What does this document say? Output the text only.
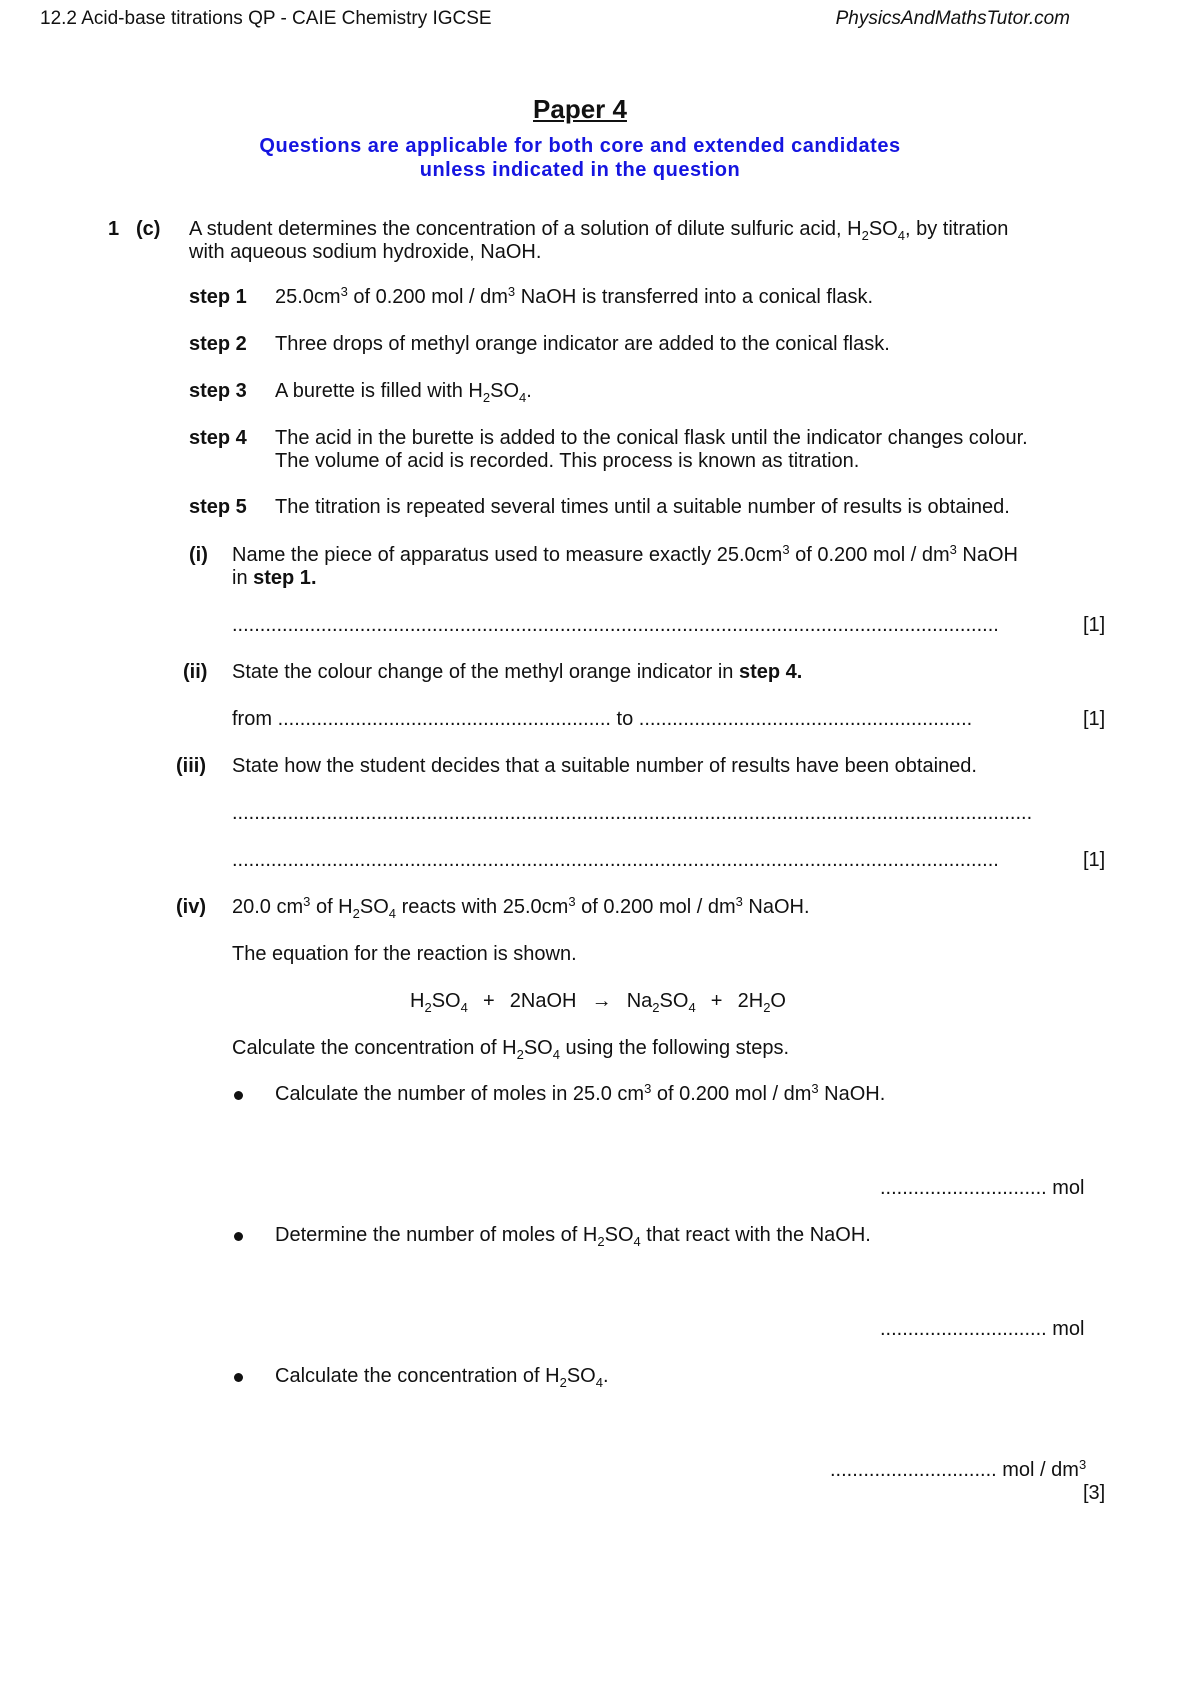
12.2 Acid-base titrations QP - CAIE Chemistry IGCSE	PhysicsAndMathsTutor.com
Paper 4
Questions are applicable for both core and extended candidates
unless indicated in the question
1 (c) A student determines the concentration of a solution of dilute sulfuric acid, $H_2SO_4$, by titration
with aqueous sodium hydroxide, NaOH.
step 1 $25.0cm^3$ of 0.200 mol / $dm^3$ NaOH is transferred into a conical flask.
step 2 Three drops of methyl orange indicator are added to the conical flask.
step 3 A burette is filled with $H_2SO_4$.
step 4 The acid in the burette is added to the conical flask until the indicator changes colour.
The volume of acid is recorded. This process is known as titration.
step 5 The titration is repeated several times until a suitable number of results is obtained.
(i) Name the piece of apparatus used to measure exactly $25.0cm^3$ of 0.200 mol / $dm^3$ NaOH
in step 1.
..........................................................................................................................................	[1]
(ii) State the colour change of the methyl orange indicator in step 4.
from ............................................................ to ............................................................	[1]
(iii) State how the student decides that a suitable number of results have been obtained.
................................................................................................................................................
..........................................................................................................................................	[1]
(iv) 20.0 $cm^3$ of $H_2SO_4$ reacts with $25.0cm^3$ of 0.200 mol / $dm^3$ NaOH.
The equation for the reaction is shown.
$H_2SO_4$ + 2NaOH → $Na_2SO_4 + 2H_2O$
Calculate the concentration of $H_2SO_4$ using the following steps.
Calculate the number of moles in 25.0 $cm^3$ of 0.200 mol / $dm^3$ NaOH.
.............................. mol
Determine the number of moles of $H_2SO_4$ that react with the NaOH.
.............................. mol
Calculate the concentration of $H_2SO_4$.
.............................. mol / $dm^3$
[3]
